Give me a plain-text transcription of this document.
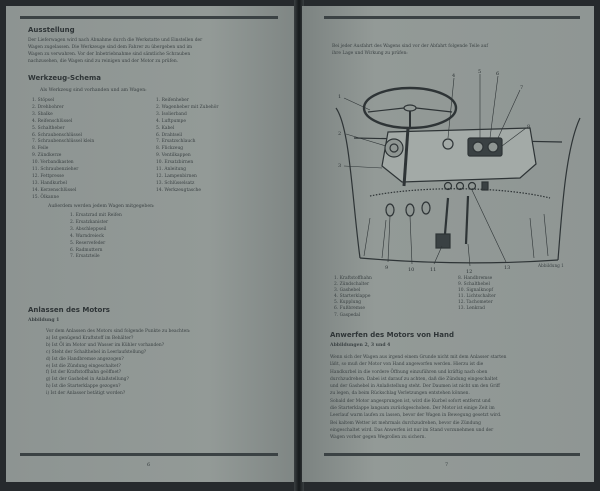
Ausstellung
Der Lieferwagen wird nach Abnahme durch die Werkstatte und Einstellen der
Wagen zugelassen. Die Werkzeuge sind dem Fahrer zu übergeben und im
Wagen zu verwahren. Vor der Inbetriebnahme sind sämtliche Schrauben
nachzusehen, die Wagen sind zu reinigen und der Motor zu prüfen.
Werkzeug-Schema
Als Werkzeug sind vorhanden und am Wagen:
1. Stöpsel
2. Drehbohrer
3. Sbalke
4. Reifenschlüssel
5. Schaltheber
6. Schraubenschlüssel
7. Schraubenschlüssel klein
8. Feile
9. Zündkerze
10. Verbandkasten
11. Schraubenzieher
12. Fettpresse
13. Handkurbel
14. Kerzenschlüssel
15. Ölkanne
1. Reifenheber
2. Wagenheber mit Zubehör
3. Isolierband
4. Luftpumpe
5. Kabel
6. Drahtseil
7. Ersatzschlauch
8. Flickzeug
9. Ventilkappen
10. Ersatzbirnen
11. Anleitung
12. Lampenbirnen
13. Schlüsselsatz
14. Werkzeugtasche
Außerdem werden jedem Wagen mitgegeben:
1. Ersatzrad mit Reifen
2. Ersatzkanister
3. Abschleppseil
4. Warndreieck
5. Reservefeder
6. Radmuttern
7. Ersatzteile
Anlassen des Motors
Abbildung 1
Vor dem Anlassen des Motors sind folgende Punkte zu beachten:
a) Ist genügend Kraftstoff im Behälter?
b) Ist Öl im Motor und Wasser im Kühler vorhanden?
c) Steht der Schalthebel in Leerlaufstellung?
d) Ist die Handbremse angezogen?
e) Ist die Zündung eingeschaltet?
f) Ist der Kraftstoffhahn geöffnet?
g) Ist der Gashebel in Anlaßstellung?
h) Ist die Starterklappe gezogen?
i) Ist der Anlasser betätigt worden?
6
Bei jeder Ausfahrt des Wagens sind vor der Abfahrt folgende Teile auf
ihre Lage und Wirkung zu prüfen:
1
2
3
4
5	6
7
8
9	10	11	12
13	Abbildung 1
1. Kraftstoffhahn
2. Zündschalter
3. Gashebel
4. Starterklappe
5. Kupplung
6. Fußbremse
7. Gaspedal
8. Handbremse
9. Schalthebel
10. Signalknopf
11. Lichtschalter
12. Tachometer
13. Lenkrad
Anwerfen des Motors von Hand
Abbildungen 2, 3 und 4
Wenn sich der Wagen aus irgend einem Grunde nicht mit dem Anlasser starten
läßt, so muß der Motor von Hand angeworfen werden. Hierzu ist die
Handkurbel in die vordere Öffnung einzuführen und kräftig nach oben
durchzudrehen. Dabei ist darauf zu achten, daß die Zündung eingeschaltet
und der Gashebel in Anlaßstellung steht. Der Daumen ist nicht um den Griff
zu legen, da beim Rückschlag Verletzungen entstehen können.
Sobald der Motor angesprungen ist, wird die Kurbel sofort entfernt und
die Starterklappe langsam zurückgeschoben. Der Motor ist einige Zeit im
Leerlauf warm laufen zu lassen, bevor der Wagen in Bewegung gesetzt wird.
Bei kaltem Wetter ist mehrmals durchzudrehen, bevor die Zündung
eingeschaltet wird. Das Anwerfen ist nur im Stand vorzunehmen und der
Wagen vorher gegen Wegrollen zu sichern.
7
